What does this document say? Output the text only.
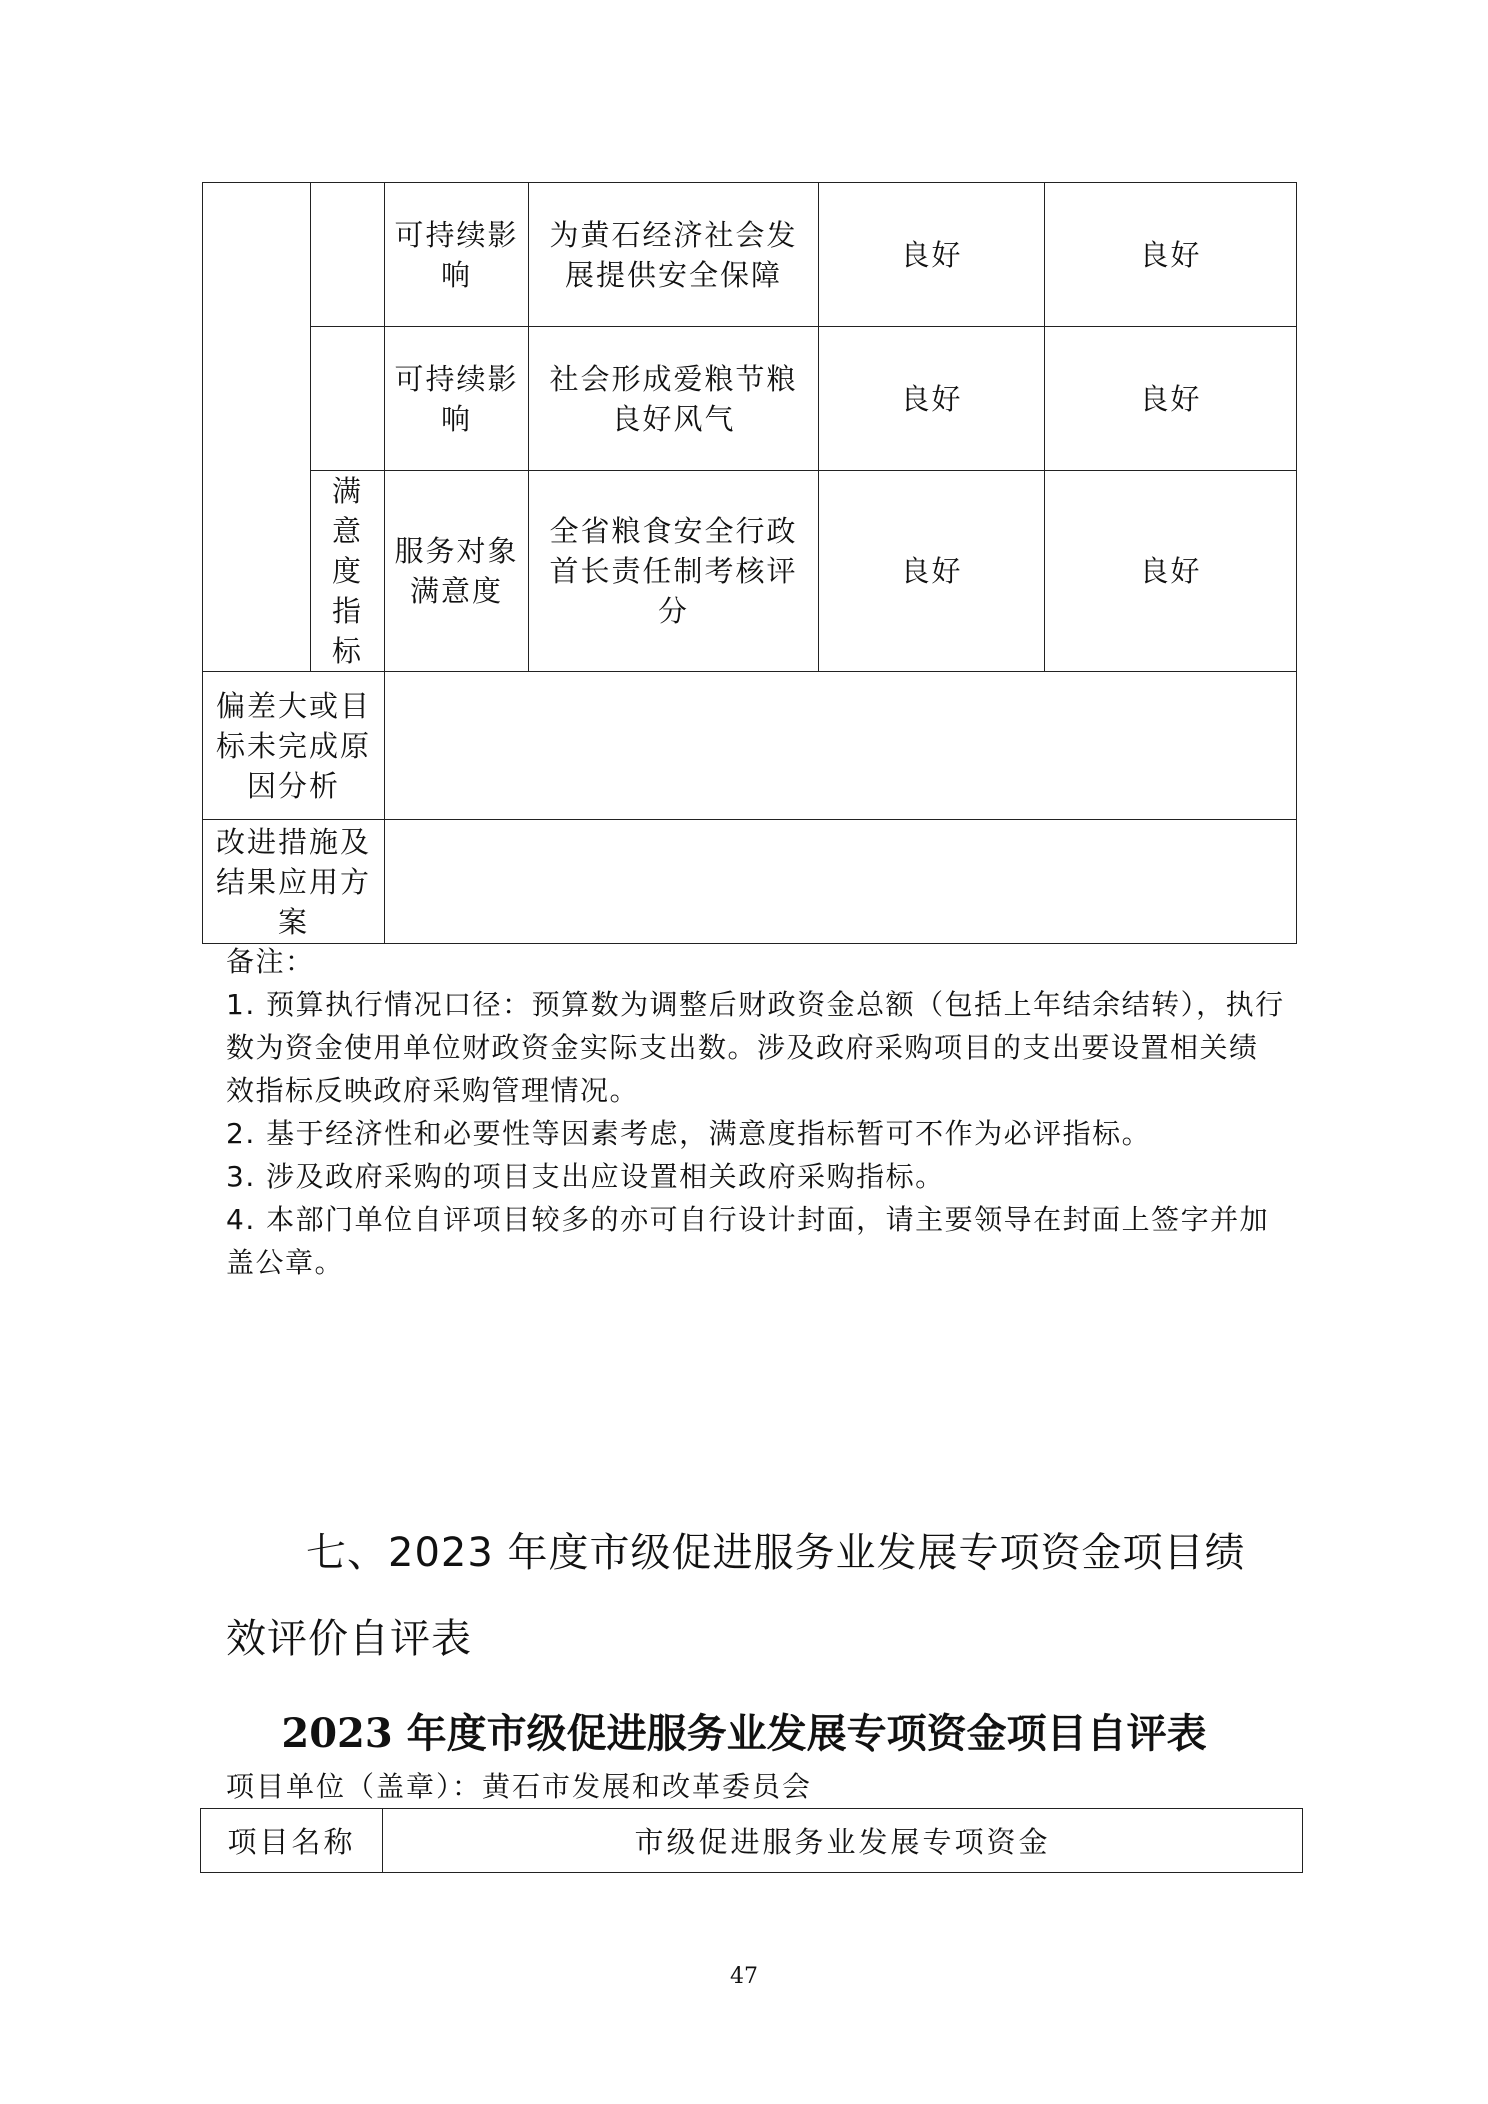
		可持续影响	为黄石经济社会发展提供安全保障	良好	良好
		可持续影响	社会形成爱粮节粮良好风气	良好	良好

	满意度指标	服务对象满意度	全省粮食安全行政首长责任制考核评分	良好	良好
偏差大或目标未完成原因分析					
改进措施及结果应用方案					

备注：

1. 预算执行情况口径：预算数为调整后财政资金总额（包括上年结余结转），执行数为资金使用单位财政资金实际支出数。涉及政府采购项目的支出要设置相关绩效指标反映政府采购管理情况。

2. 基于经济性和必要性等因素考虑，满意度指标暂可不作为必评指标。

3. 涉及政府采购的项目支出应设置相关政府采购指标。

4. 本部门单位自评项目较多的亦可自行设计封面，请主要领导在封面上签字并加盖公章。

七、2023 年度市级促进服务业发展专项资金项目绩效评价自评表
2023 年度市级促进服务业发展专项资金项目自评表
项目单位（盖章）：黄石市发展和改革委员会
项目名称	市级促进服务业发展专项资金
47
